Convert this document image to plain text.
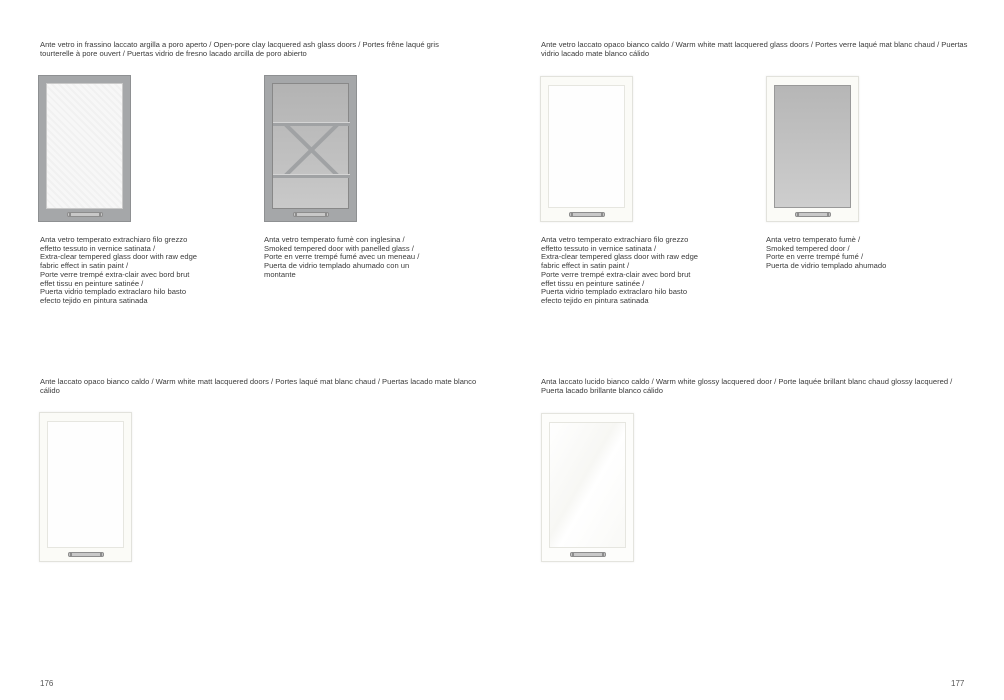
Ante vetro in frassino laccato argilla a poro aperto / Open-pore clay lacquered ash glass doors / Portes frêne laqué gris tourterelle à pore ouvert / Puertas vidrio de fresno lacado arcilla de poro abierto
Anta vetro temperato extrachiaro filo grezzo
effetto tessuto in vernice satinata /
Extra-clear tempered glass door with raw edge
fabric effect in satin paint /
Porte verre trempé extra-clair avec bord brut
effet tissu en peinture satinée /
Puerta vidrio templado extraclaro hilo basto
efecto tejido en pintura satinada
Anta vetro temperato fumè con inglesina /
Smoked tempered door with panelled glass /
Porte en verre trempé fumé avec un meneau /
Puerta de vidrio templado ahumado con un
montante
Ante laccato opaco bianco caldo / Warm white matt lacquered doors / Portes laqué mat blanc chaud / Puertas lacado mate blanco cálido
176
Ante vetro laccato opaco bianco caldo / Warm white matt lacquered glass doors / Portes verre laqué mat blanc chaud / Puertas vidrio lacado mate blanco cálido
Anta vetro temperato extrachiaro filo grezzo
effetto tessuto in vernice satinata /
Extra-clear tempered glass door with raw edge
fabric effect in satin paint /
Porte verre trempé extra-clair avec bord brut
effet tissu en peinture satinée /
Puerta vidrio templado extraclaro hilo basto
efecto tejido en pintura satinada
Anta vetro temperato fumè /
Smoked tempered door /
Porte en verre trempé fumé /
Puerta de vidrio templado ahumado
Anta laccato lucido bianco caldo / Warm white glossy lacquered door / Porte laquée brillant blanc chaud glossy lacquered / Puerta lacado brillante blanco cálido
177
